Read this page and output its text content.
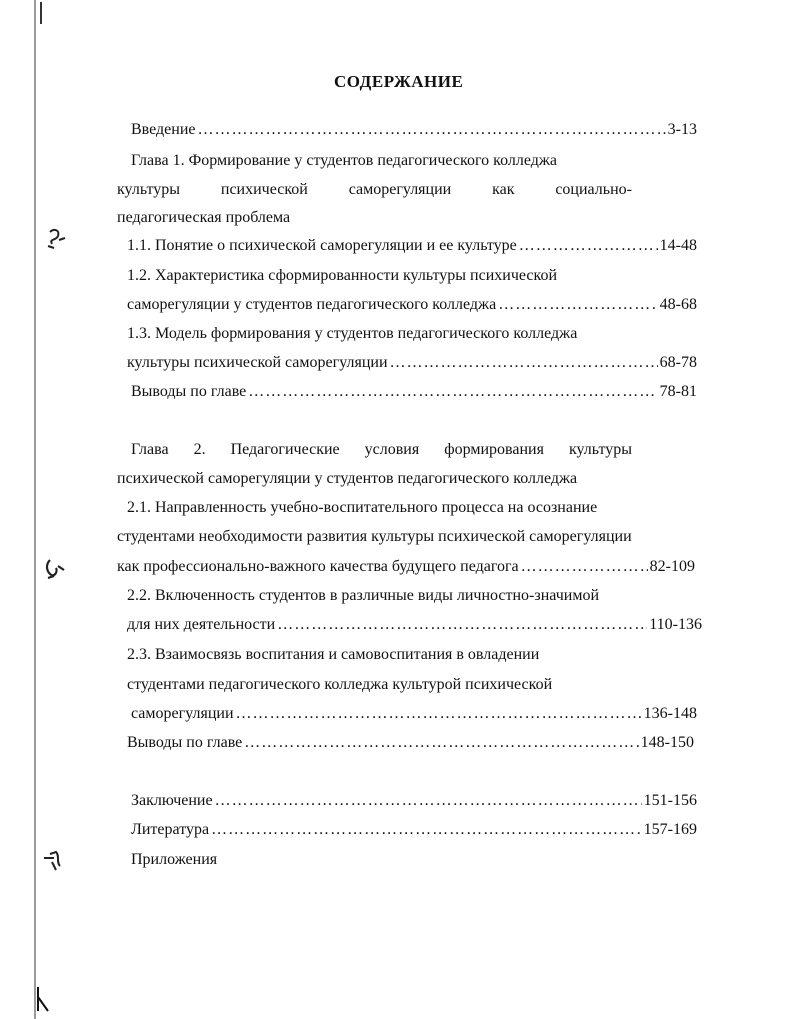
СОДЕРЖАНИЕ
Введение …………………………………………………………………………………………………………………………	3-13
Глава 1. Формирование у студентов педагогического колледжа
культуры	психической	саморегуляции	как	социально-
педагогическая проблема
1.1. Понятие о психической саморегуляции и ее культуре …………………………………………………………………………………………………………………………	14-48
1.2. Характеристика сформированности культуры психической
саморегуляции у студентов педагогического колледжа …………………………………………………………………………………………………………………………	48-68
1.3. Модель формирования у студентов педагогического колледжа
культуры психической саморегуляции …………………………………………………………………………………………………………………………	68-78
Выводы по главе …………………………………………………………………………………………………………………………	78-81
Глава 2. Педагогические условия формирования культуры
психической саморегуляции у студентов педагогического колледжа
2.1. Направленность учебно-воспитательного процесса на осознание
студентами необходимости развития культуры психической саморегуляции
как профессионально-важного качества будущего педагога …………………………………………………………………………………………………………………………	82-109
2.2. Включенность студентов в различные виды личностно-значимой
для них деятельности …………………………………………………………………………………………………………………………	110-136
2.3. Взаимосвязь воспитания и самовоспитания в овладении
студентами педагогического колледжа культурой психической
саморегуляции …………………………………………………………………………………………………………………………	136-148
Выводы по главе …………………………………………………………………………………………………………………………	148-150
Заключение …………………………………………………………………………………………………………………………	151-156
Литература …………………………………………………………………………………………………………………………	157-169
Приложения
